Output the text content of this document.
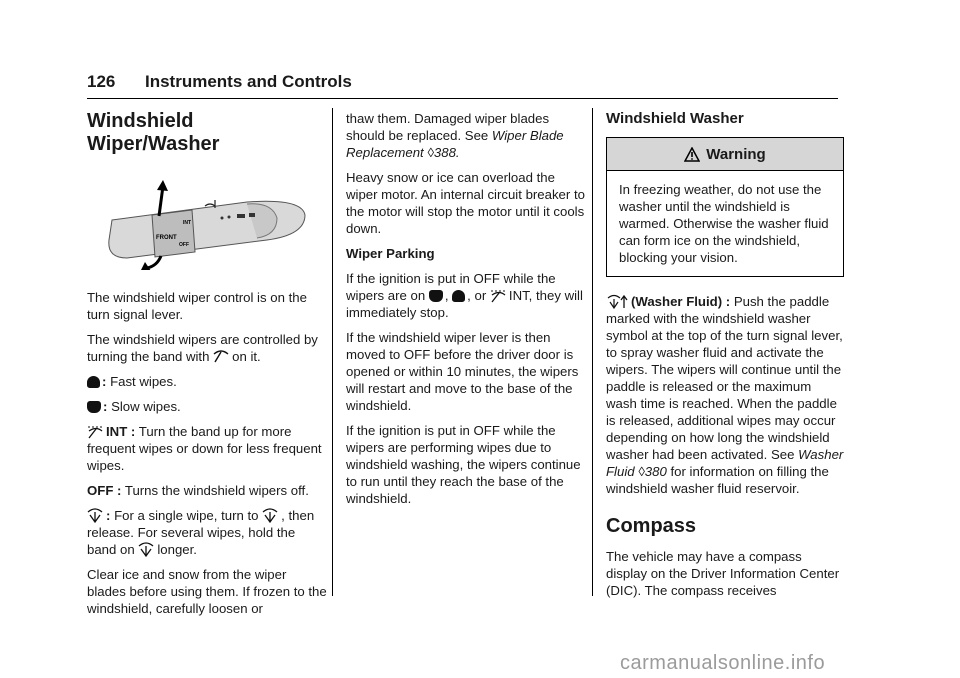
126 Instruments and Controls
Windshield Wiper/Washer
FRONT
INT
OFF

The windshield wiper control is on the turn signal lever.

The windshield wipers are controlled by turning the band with on it.

: Fast wipes.

: Slow wipes.

INT : Turn the band up for more frequent wipes or down for less frequent wipes.

OFF : Turns the windshield wipers off.

: For a single wipe, turn to , then release. For several wipes, hold the band on longer.

Clear ice and snow from the wiper blades before using them. If frozen to the windshield, carefully loosen or

thaw them. Damaged wiper blades should be replaced. See Wiper Blade Replacement ◊388.

Heavy snow or ice can overload the wiper motor. An internal circuit breaker to the motor will stop the motor until it cools down.

Wiper Parking

If the ignition is put in OFF while the wipers are on , , or INT, they will immediately stop.

If the windshield wiper lever is then moved to OFF before the driver door is opened or within 10 minutes, the wipers will restart and move to the base of the windshield.

If the ignition is put in OFF while the wipers are performing wipes due to windshield washing, the wipers continue to run until they reach the base of the windshield.

Windshield Washer
Warning

In freezing weather, do not use the washer until the windshield is warmed. Otherwise the washer fluid can form ice on the windshield, blocking your vision.

(Washer Fluid) : Push the paddle marked with the windshield washer symbol at the top of the turn signal lever, to spray washer fluid and activate the wipers. The wipers will continue until the paddle is released or the maximum wash time is reached. When the paddle is released, additional wipes may occur depending on how long the windshield washer had been activated. See Washer Fluid ◊380 for information on filling the windshield washer fluid reservoir.

Compass

The vehicle may have a compass display on the Driver Information Center (DIC). The compass receives

carmanualsonline.info
